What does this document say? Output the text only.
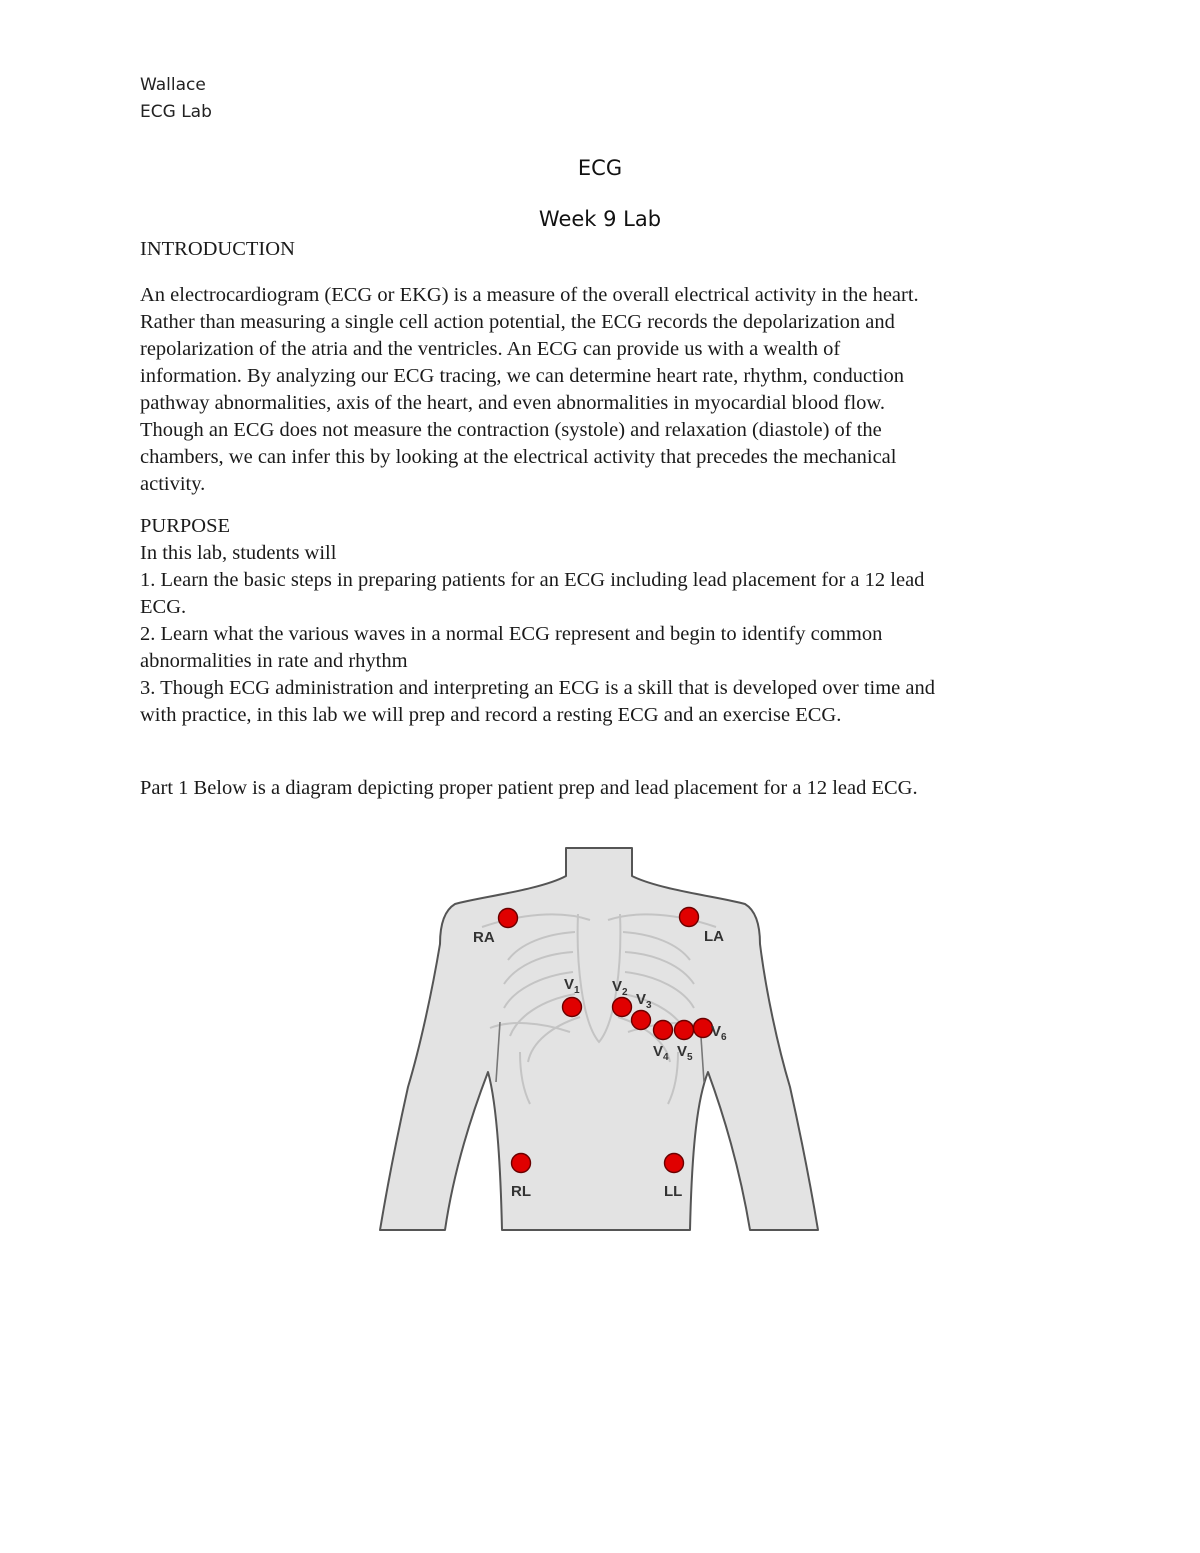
Wallace
ECG Lab
ECG
Week 9 Lab
INTRODUCTION
An electrocardiogram (ECG or EKG) is a measure of the overall electrical activity in the heart.
Rather than measuring a single cell action potential, the ECG records the depolarization and
repolarization of the atria and the ventricles. An ECG can provide us with a wealth of
information. By analyzing our ECG tracing, we can determine heart rate, rhythm, conduction
pathway abnormalities, axis of the heart, and even abnormalities in myocardial blood flow.
Though an ECG does not measure the contraction (systole) and relaxation (diastole) of the
chambers, we can infer this by looking at the electrical activity that precedes the mechanical
activity.
PURPOSE
In this lab, students will
1. Learn the basic steps in preparing patients for an ECG including lead placement for a 12 lead
ECG.
2. Learn what the various waves in a normal ECG represent and begin to identify common
abnormalities in rate and rhythm
3. Though ECG administration and interpreting an ECG is a skill that is developed over time and
with practice, in this lab we will prep and record a resting ECG and an exercise ECG.
Part 1 Below is a diagram depicting proper patient prep and lead placement for a 12 lead ECG.
RA	LA
RL	LL
$V_1$ $V_2$ $V_3$
$V_4$ $V_5$
$V_6$
